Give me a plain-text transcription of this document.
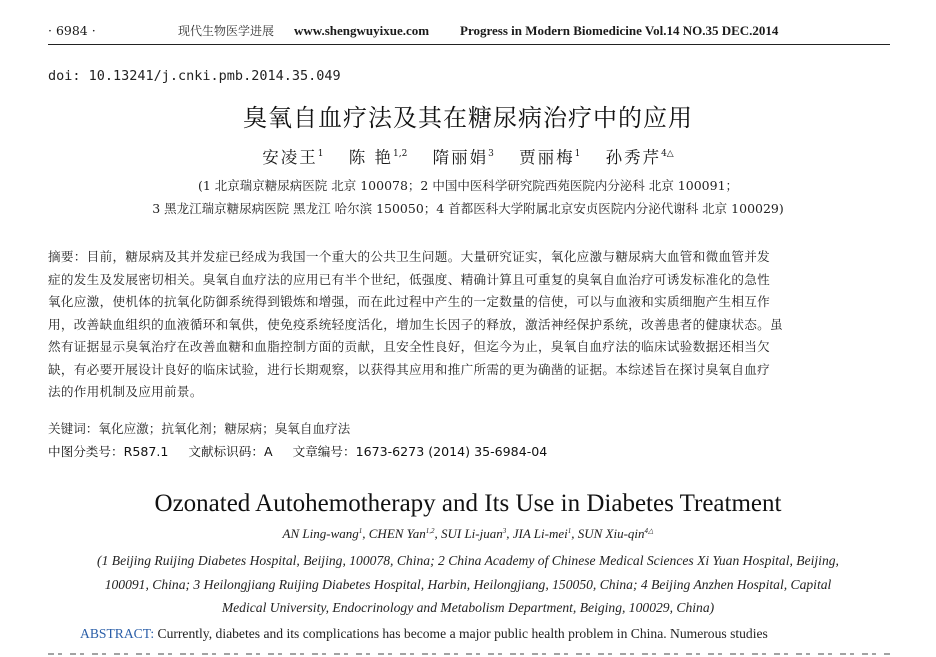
· 6984 ·	现代生物医学进展 www.shengwuyixue.com Progress in Modern Biomedicine Vol.14 NO.35 DEC.2014
doi: 10.13241/j.cnki.pmb.2014.35.049
臭氧自血疗法及其在糖尿病治疗中的应用
安凌王$^1$ 陈 艳$^{1,2}$ 隋丽娟$^3$ 贾丽梅$^1$ 孙秀芹$^{4\triangle}$
(1 北京瑞京糖尿病医院 北京 100078；2 中国中医科学研究院西苑医院内分泌科 北京 100091；
3 黑龙江瑞京糖尿病医院 黑龙江 哈尔滨 150050；4 首都医科大学附属北京安贞医院内分泌代谢科 北京 100029)
摘要：目前，糖尿病及其并发症已经成为我国一个重大的公共卫生问题。大量研究证实，氧化应激与糖尿病大血管和微血管并发
症的发生及发展密切相关。臭氧自血疗法的应用已有半个世纪，低强度、精确计算且可重复的臭氧自血治疗可诱发标准化的急性
氧化应激，使机体的抗氧化防御系统得到锻炼和增强，而在此过程中产生的一定数量的信使，可以与血液和实质细胞产生相互作
用，改善缺血组织的血液循环和氧供，使免疫系统轻度活化，增加生长因子的释放，激活神经保护系统，改善患者的健康状态。虽
然有证据显示臭氧治疗在改善血糖和血脂控制方面的贡献，且安全性良好，但迄今为止，臭氧自血疗法的临床试验数据还相当欠
缺，有必要开展设计良好的临床试验，进行长期观察，以获得其应用和推广所需的更为确凿的证据。本综述旨在探讨臭氧自血疗
法的作用机制及应用前景。
关键词：氧化应激；抗氧化剂；糖尿病；臭氧自血疗法
中图分类号：R587.1 文献标识码：A 文章编号：1673-6273 (2014) 35-6984-04
Ozonated Autohemotherapy and Its Use in Diabetes Treatment
AN Ling-wang$^1$, CHEN Yan$^{1,2}$, SUI Li-juan$^3$, JIA Li-mei$^1$, SUN Xiu-qin$^{4\triangle}$
(1 Beijing Ruijing Diabetes Hospital, Beijing, 100078, China; 2 China Academy of Chinese Medical Sciences Xi Yuan Hospital, Beijing,
100091, China; 3 Heilongjiang Ruijing Diabetes Hospital, Harbin, Heilongjiang, 150050, China; 4 Beijing Anzhen Hospital, Capital
Medical University, Endocrinology and Metabolism Department, Beiging, 100029, China)
ABSTRACT: Currently, diabetes and its complications has become a major public health problem in China. Numerous studies
